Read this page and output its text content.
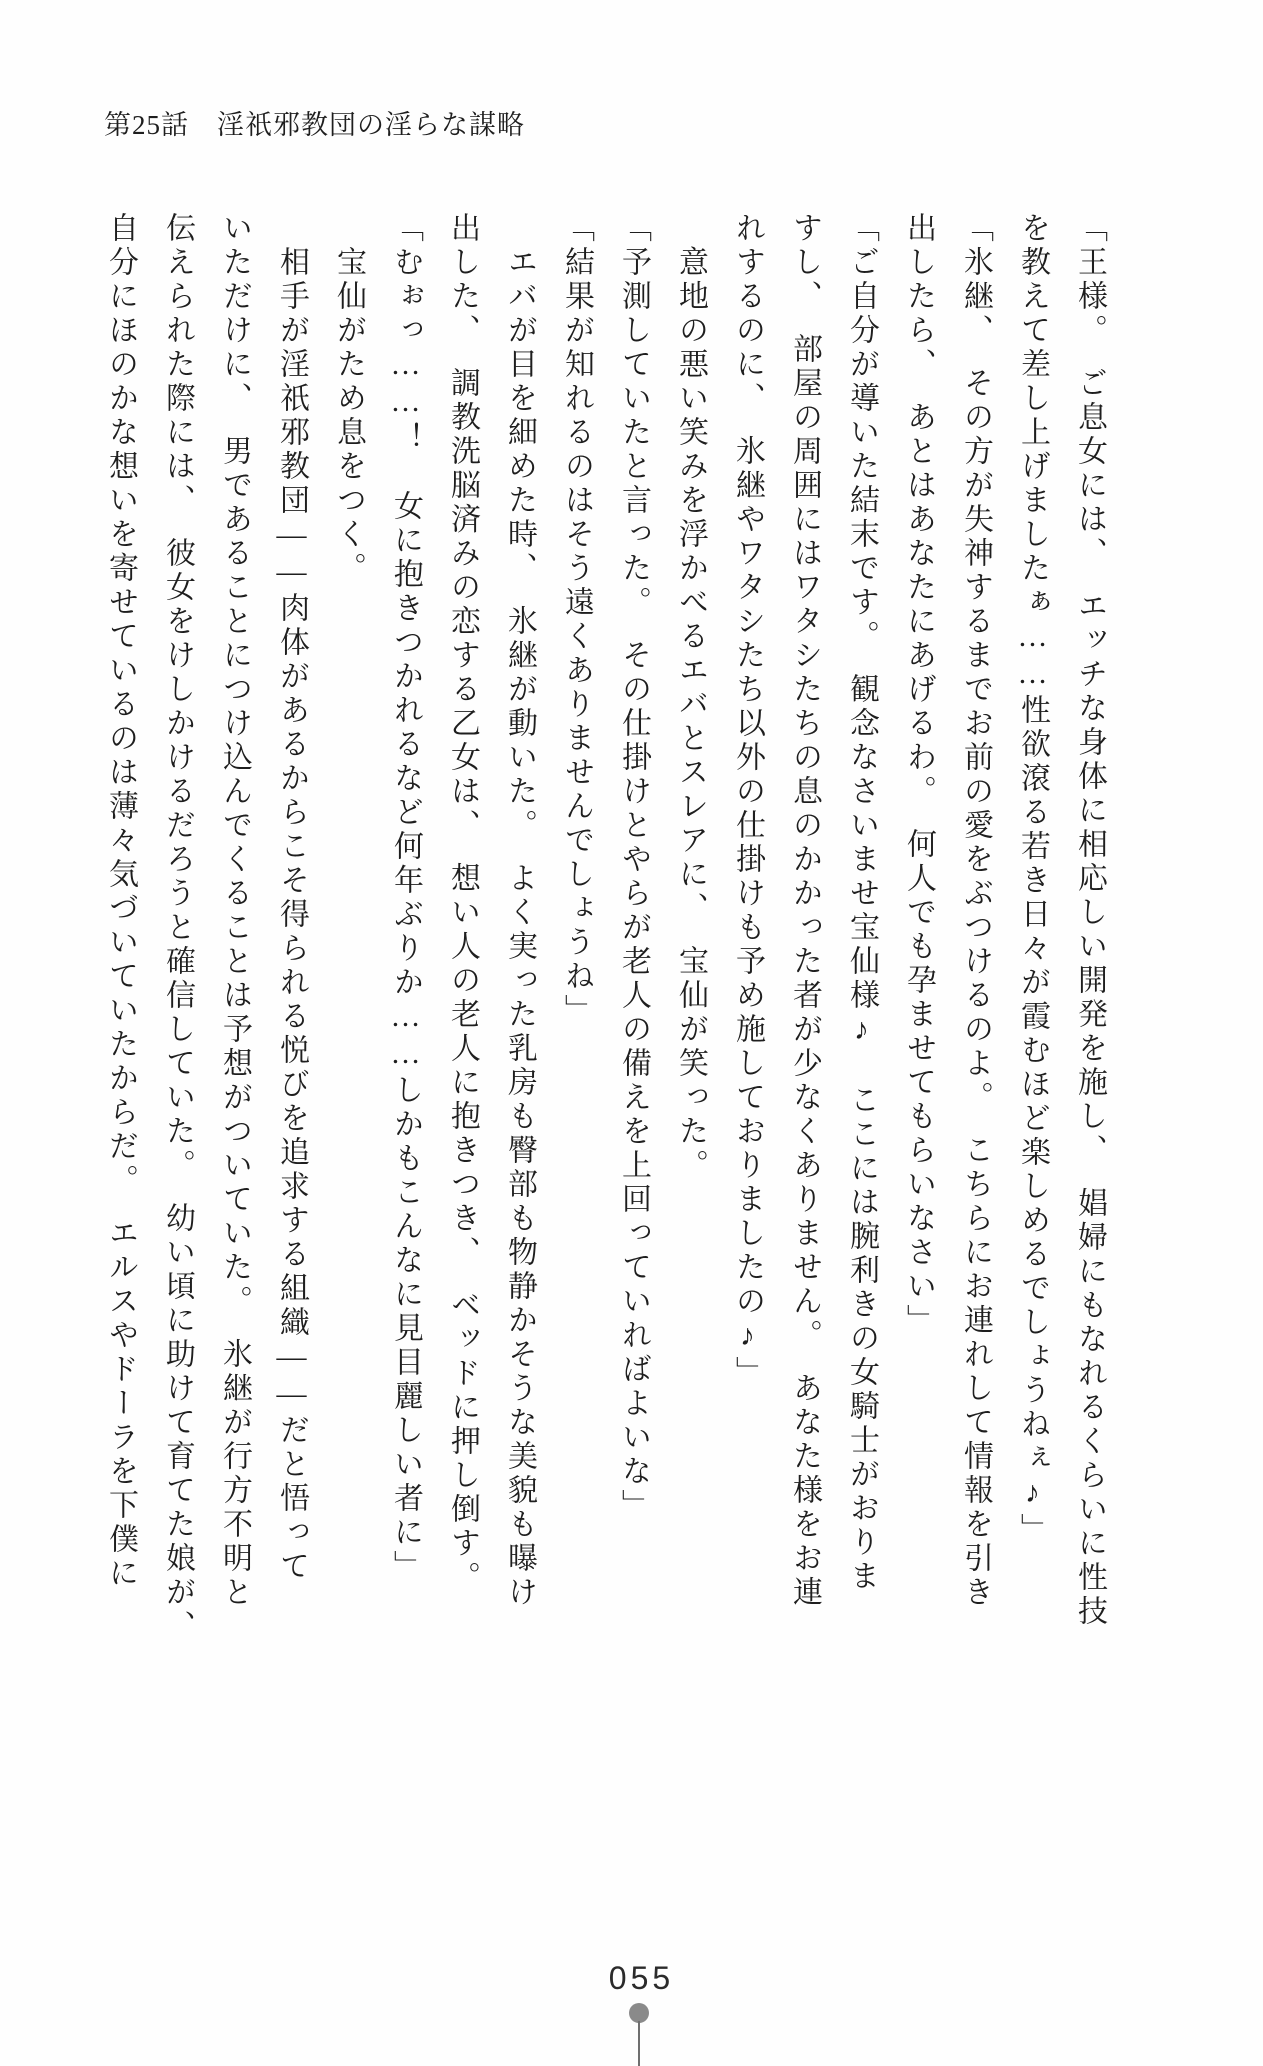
第25話　淫祇邪教団の淫らな謀略
「王様。　ご息女には、　エッチな身体に相応しい開発を施し、　娼婦にもなれるくらいに性技
を教えて差し上げましたぁ……性欲滾る若き日々が霞むほど楽しめるでしょうねぇ♪」
「氷継、　その方が失神するまでお前の愛をぶつけるのよ。　こちらにお連れして情報を引き
出したら、　あとはあなたにあげるわ。　何人でも孕ませてもらいなさい」
「ご自分が導いた結末です。　観念なさいませ宝仙様♪　ここには腕利きの女騎士がおりま
すし、　部屋の周囲にはワタシたちの息のかかった者が少なくありません。　あなた様をお連
れするのに、　氷継やワタシたち以外の仕掛けも予め施しておりましたの♪」
　意地の悪い笑みを浮かべるエバとスレアに、　宝仙が笑った。
「予測していたと言った。　その仕掛けとやらが老人の備えを上回っていればよいな」
「結果が知れるのはそう遠くありませんでしょうね」
　エバが目を細めた時、　氷継が動いた。　よく実った乳房も臀部も物静かそうな美貌も曝け
出した、　調教洗脳済みの恋する乙女は、　想い人の老人に抱きつき、　ベッドに押し倒す。
「むぉっ……！　女に抱きつかれるなど何年ぶりか……しかもこんなに見目麗しい者に」
　宝仙がため息をつく。
　相手が淫祇邪教団――肉体があるからこそ得られる悦びを追求する組織――だと悟って
いただけに、　男であることにつけ込んでくることは予想がついていた。　氷継が行方不明と
伝えられた際には、　彼女をけしかけるだろうと確信していた。　幼い頃に助けて育てた娘が、
自分にほのかな想いを寄せているのは薄々気づいていたからだ。　エルスやドーラを下僕に
055
